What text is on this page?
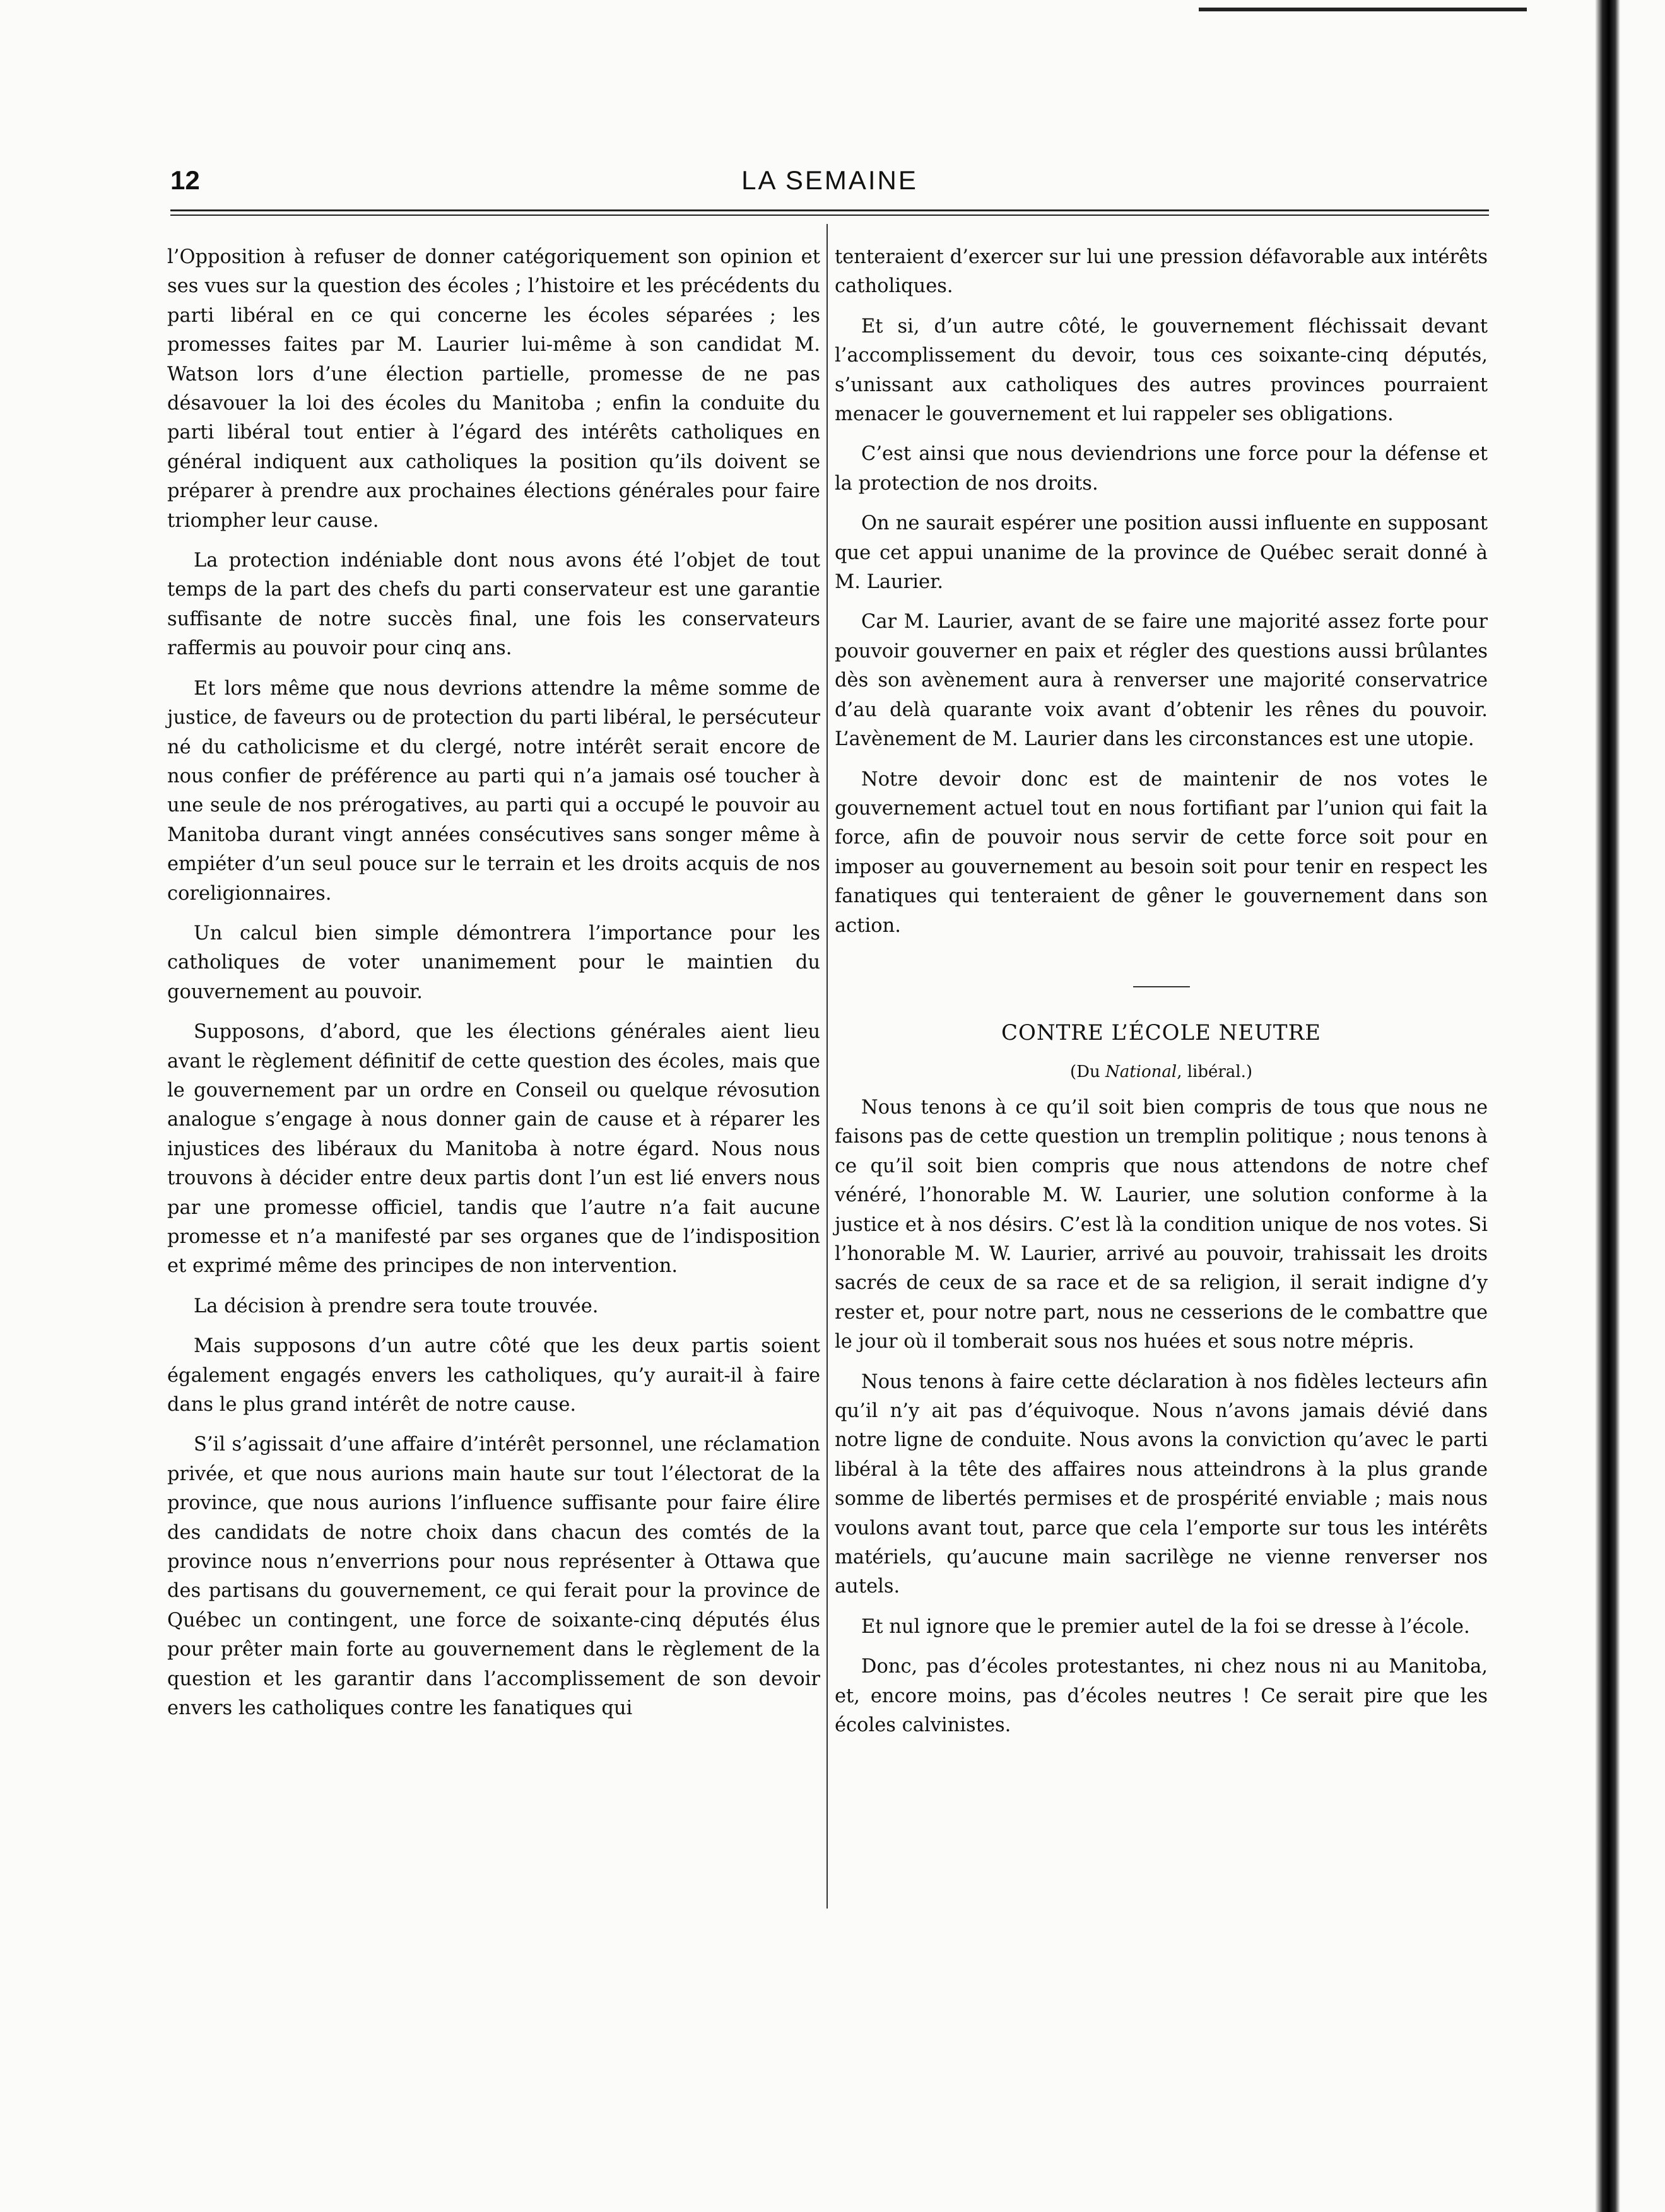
LA SEMAINE
12

l’Opposition à refuser de donner catégoriquement son opinion et ses vues sur la question des écoles ; l’histoire et les précédents du parti libéral en ce qui concerne les écoles séparées ; les promesses faites par M. Laurier lui-même à son candidat M. Watson lors d’une élection partielle, promesse de ne pas désavouer la loi des écoles du Manitoba ; enfin la conduite du parti libéral tout entier à l’égard des intérêts catholiques en général indiquent aux catholiques la position qu’ils doivent se préparer à prendre aux prochaines élections générales pour faire triompher leur cause.

La protection indéniable dont nous avons été l’objet de tout temps de la part des chefs du parti conservateur est une garantie suffisante de notre succès final, une fois les conservateurs raffermis au pouvoir pour cinq ans.

Et lors même que nous devrions attendre la même somme de justice, de faveurs ou de protection du parti libéral, le persécuteur né du catholicisme et du clergé, notre intérêt serait encore de nous confier de préférence au parti qui n’a jamais osé toucher à une seule de nos prérogatives, au parti qui a occupé le pouvoir au Manitoba durant vingt années consécutives sans songer même à empiéter d’un seul pouce sur le terrain et les droits acquis de nos coreligionnaires.

Un calcul bien simple démontrera l’importance pour les catholiques de voter unanimement pour le maintien du gouvernement au pouvoir.

Supposons, d’abord, que les élections générales aient lieu avant le règlement définitif de cette question des écoles, mais que le gouvernement par un ordre en Conseil ou quelque révosution analogue s’engage à nous donner gain de cause et à réparer les injustices des libéraux du Manitoba à notre égard. Nous nous trouvons à décider entre deux partis dont l’un est lié envers nous par une promesse officiel, tandis que l’autre n’a fait aucune promesse et n’a manifesté par ses organes que de l’indisposition et exprimé même des principes de non intervention.

La décision à prendre sera toute trouvée.

Mais supposons d’un autre côté que les deux partis soient également engagés envers les catholiques, qu’y aurait-il à faire dans le plus grand intérêt de notre cause.

S’il s’agissait d’une affaire d’intérêt personnel, une réclamation privée, et que nous aurions main haute sur tout l’électorat de la province, que nous aurions l’influence suffisante pour faire élire des candidats de notre choix dans chacun des comtés de la province nous n’enverrions pour nous représenter à Ottawa que des partisans du gouvernement, ce qui ferait pour la province de Québec un contingent, une force de soixante-cinq députés élus pour prêter main forte au gouvernement dans le règlement de la question et les garantir dans l’accomplissement de son devoir envers les catholiques contre les fanatiques qui

tenteraient d’exercer sur lui une pression défavorable aux intérêts catholiques.

Et si, d’un autre côté, le gouvernement fléchissait devant l’accomplissement du devoir, tous ces soixante-cinq députés, s’unissant aux catholiques des autres provinces pourraient menacer le gouvernement et lui rappeler ses obligations.

C’est ainsi que nous deviendrions une force pour la défense et la protection de nos droits.

On ne saurait espérer une position aussi influente en supposant que cet appui unanime de la province de Québec serait donné à M. Laurier.

Car M. Laurier, avant de se faire une majorité assez forte pour pouvoir gouverner en paix et régler des questions aussi brûlantes dès son avènement aura à renverser une majorité conservatrice d’au delà quarante voix avant d’obtenir les rênes du pouvoir. L’avènement de M. Laurier dans les circonstances est une utopie.

Notre devoir donc est de maintenir de nos votes le gouvernement actuel tout en nous fortifiant par l’union qui fait la force, afin de pouvoir nous servir de cette force soit pour en imposer au gouvernement au besoin soit pour tenir en respect les fanatiques qui tenteraient de gêner le gouvernement dans son action.

CONTRE L’ÉCOLE NEUTRE
(Du National, libéral.)

Nous tenons à ce qu’il soit bien compris de tous que nous ne faisons pas de cette question un tremplin politique ; nous tenons à ce qu’il soit bien compris que nous attendons de notre chef vénéré, l’honorable M. W. Laurier, une solution conforme à la justice et à nos désirs. C’est là la condition unique de nos votes. Si l’honorable M. W. Laurier, arrivé au pouvoir, trahissait les droits sacrés de ceux de sa race et de sa religion, il serait indigne d’y rester et, pour notre part, nous ne cesserions de le combattre que le jour où il tomberait sous nos huées et sous notre mépris.

Nous tenons à faire cette déclaration à nos fidèles lecteurs afin qu’il n’y ait pas d’équivoque. Nous n’avons jamais dévié dans notre ligne de conduite. Nous avons la conviction qu’avec le parti libéral à la tête des affaires nous atteindrons à la plus grande somme de libertés permises et de prospérité enviable ; mais nous voulons avant tout, parce que cela l’emporte sur tous les intérêts matériels, qu’aucune main sacrilège ne vienne renverser nos autels.

Et nul ignore que le premier autel de la foi se dresse à l’école.

Donc, pas d’écoles protestantes, ni chez nous ni au Manitoba, et, encore moins, pas d’écoles neutres ! Ce serait pire que les écoles calvinistes.
